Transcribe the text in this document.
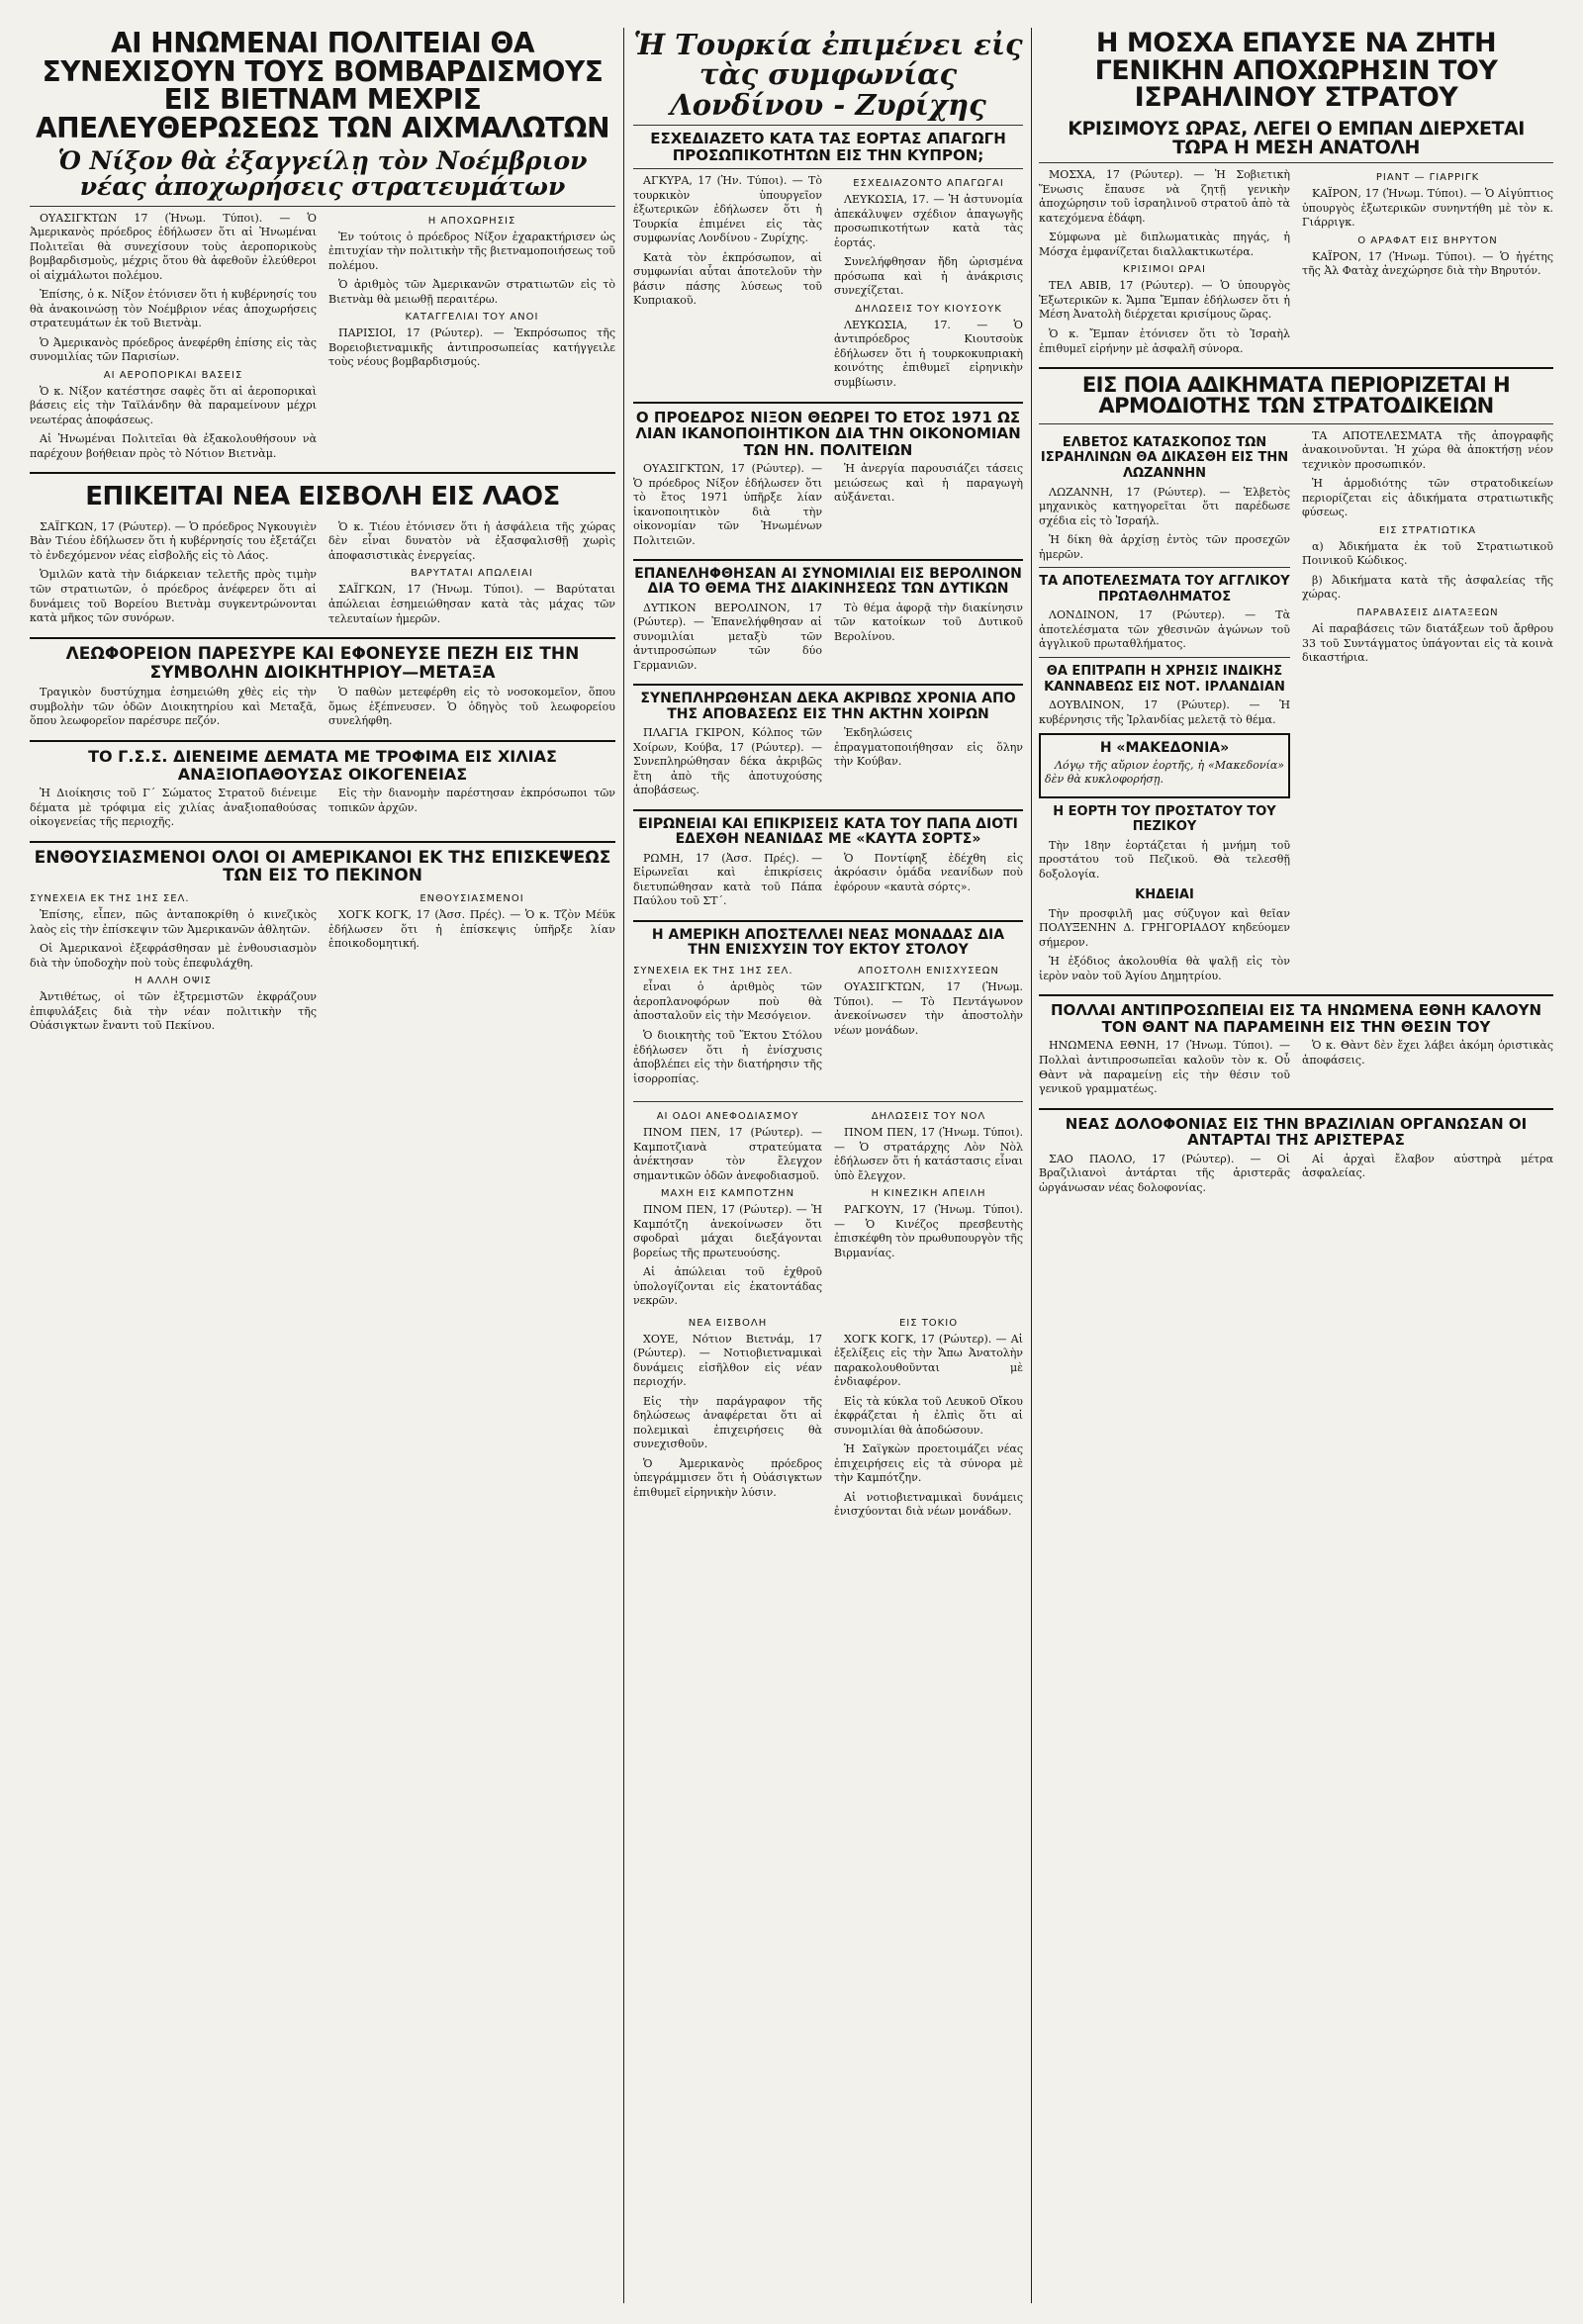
ΑΙ ΗΝΩΜΕΝΑΙ ΠΟΛΙΤΕΙΑΙ ΘΑ ΣΥΝΕΧΙΣΟΥΝ ΤΟΥΣ ΒΟΜΒΑΡΔΙΣΜΟΥΣ ΕΙΣ ΒΙΕΤΝΑΜ ΜΕΧΡΙΣ ΑΠΕΛΕΥΘΕΡΩΣΕΩΣ ΤΩΝ ΑΙΧΜΑΛΩΤΩΝ
Ὁ Νίξον θὰ ἐξαγγείλῃ τὸν Νοέμβριον νέας ἀποχωρήσεις στρατευμάτων

ΟΥΑΣΙΓΚΤΩΝ 17 (Ἠνωμ. Τύποι). — Ὁ Ἀμερικανὸς πρόεδρος ἐδήλωσεν ὅτι αἱ Ἠνωμέναι Πολιτεῖαι θὰ συνεχίσουν τοὺς ἀεροπορικοὺς βομβαρδισμοὺς, μέχρις ὅτου θὰ ἀφεθοῦν ἐλεύθεροι οἱ αἰχμάλωτοι πολέμου.

Ἐπίσης, ὁ κ. Νίξον ἐτόνισεν ὅτι ἡ κυβέρνησίς του θὰ ἀνακοινώσῃ τὸν Νοέμβριον νέας ἀποχωρήσεις στρατευμάτων ἐκ τοῦ Βιετνὰμ.

Ὁ Ἀμερικανὸς πρόεδρος ἀνεφέρθη ἐπίσης εἰς τὰς συνομιλίας τῶν Παρισίων.

ΑΙ ΑΕΡΟΠΟΡΙΚΑΙ ΒΑΣΕΙΣ

Ὁ κ. Νίξον κατέστησε σαφὲς ὅτι αἱ ἀεροπορικαὶ βάσεις εἰς τὴν Ταϊλάνδην θὰ παραμείνουν μέχρι νεωτέρας ἀποφάσεως.

Αἱ Ἠνωμέναι Πολιτεῖαι θὰ ἐξακολουθήσουν νὰ παρέχουν βοήθειαν πρὸς τὸ Νότιον Βιετνὰμ.

Η ΑΠΟΧΩΡΗΣΙΣ

Ἐν τούτοις ὁ πρόεδρος Νίξον ἐχαρακτήρισεν ὡς ἐπιτυχίαν τὴν πολιτικὴν τῆς βιετναμοποιήσεως τοῦ πολέμου.

Ὁ ἀριθμὸς τῶν Ἀμερικανῶν στρατιωτῶν εἰς τὸ Βιετνὰμ θὰ μειωθῇ περαιτέρω.

ΚΑΤΑΓΓΕΛΙΑΙ ΤΟΥ ΑΝΟΙ

ΠΑΡΙΣΙΟΙ, 17 (Ρώυτερ). — Ἐκπρόσωπος τῆς Βορειοβιετναμικῆς ἀντιπροσωπείας κατήγγειλε τοὺς νέους βομβαρδισμούς.

ΕΠΙΚΕΙΤΑΙ ΝΕΑ ΕΙΣΒΟΛΗ ΕΙΣ ΛΑΟΣ

ΣΑΪΓΚΩΝ, 17 (Ρώυτερ). — Ὁ πρόεδρος Νγκουγιὲν Βὰν Τιέου ἐδήλωσεν ὅτι ἡ κυβέρνησίς του ἐξετάζει τὸ ἐνδεχόμενον νέας εἰσβολῆς εἰς τὸ Λάος.

Ὁμιλῶν κατὰ τὴν διάρκειαν τελετῆς πρὸς τιμὴν τῶν στρατιωτῶν, ὁ πρόεδρος ἀνέφερεν ὅτι αἱ δυνάμεις τοῦ Βορείου Βιετνὰμ συγκεντρώνονται κατὰ μῆκος τῶν συνόρων.

Ὁ κ. Τιέου ἐτόνισεν ὅτι ἡ ἀσφάλεια τῆς χώρας δὲν εἶναι δυνατὸν νὰ ἐξασφαλισθῇ χωρὶς ἀποφασιστικὰς ἐνεργείας.

ΒΑΡΥΤΑΤΑΙ ΑΠΩΛΕΙΑΙ

ΣΑΪΓΚΩΝ, 17 (Ἠνωμ. Τύποι). — Βαρύταται ἀπώλειαι ἐσημειώθησαν κατὰ τὰς μάχας τῶν τελευταίων ἡμερῶν.

ΛΕΩΦΟΡΕΙΟΝ ΠΑΡΕΣΥΡΕ ΚΑΙ ΕΦΟΝΕΥΣΕ ΠΕΖΗ ΕΙΣ ΤΗΝ ΣΥΜΒΟΛΗΝ ΔΙΟΙΚΗΤΗΡΙΟΥ—ΜΕΤΑΞΑ

Τραγικὸν δυστύχημα ἐσημειώθη χθὲς εἰς τὴν συμβολὴν τῶν ὁδῶν Διοικητηρίου καὶ Μεταξᾶ, ὅπου λεωφορεῖον παρέσυρε πεζόν.

Ὁ παθὼν μετεφέρθη εἰς τὸ νοσοκομεῖον, ὅπου ὅμως ἐξέπνευσεν. Ὁ ὁδηγὸς τοῦ λεωφορείου συνελήφθη.

ΤΟ Γ.Σ.Σ. ΔΙΕΝΕΙΜΕ ΔΕΜΑΤΑ ΜΕ ΤΡΟΦΙΜΑ ΕΙΣ ΧΙΛΙΑΣ ΑΝΑΞΙΟΠΑΘΟΥΣΑΣ ΟΙΚΟΓΕΝΕΙΑΣ

Ἡ Διοίκησις τοῦ Γ΄ Σώματος Στρατοῦ διένειμε δέματα μὲ τρόφιμα εἰς χιλίας ἀναξιοπαθούσας οἰκογενείας τῆς περιοχῆς.

Εἰς τὴν διανομὴν παρέστησαν ἐκπρόσωποι τῶν τοπικῶν ἀρχῶν.

ΕΝΘΟΥΣΙΑΣΜΕΝΟΙ ΟΛΟΙ ΟΙ ΑΜΕΡΙΚΑΝΟΙ ΕΚ ΤΗΣ ΕΠΙΣΚΕΨΕΩΣ ΤΩΝ ΕΙΣ ΤΟ ΠΕΚΙΝΟΝ
ΣΥΝΕΧΕΙΑ ΕΚ ΤΗΣ 1ΗΣ ΣΕΛ.

Ἐπίσης, εἶπεν, πῶς ἀνταποκρίθη ὁ κινεζικὸς λαὸς εἰς τὴν ἐπίσκεψιν τῶν Ἀμερικανῶν ἀθλητῶν.

Οἱ Ἀμερικανοὶ ἐξεφράσθησαν μὲ ἐνθουσιασμὸν διὰ τὴν ὑποδοχὴν ποὺ τοὺς ἐπεφυλάχθη.

Η ΑΛΛΗ ΟΨΙΣ

Ἀντιθέτως, οἱ τῶν ἐξτρεμιστῶν ἐκφράζουν ἐπιφυλάξεις διὰ τὴν νέαν πολιτικὴν τῆς Οὐάσιγκτων ἔναντι τοῦ Πεκίνου.

ΕΝΘΟΥΣΙΑΣΜΕΝΟΙ

ΧΟΓΚ ΚΟΓΚ, 17 (Ἀσσ. Πρές). — Ὁ κ. Τζὸν Μέϋκ ἐδήλωσεν ὅτι ἡ ἐπίσκεψις ὑπῆρξε λίαν ἐποικοδομητική.

Ἡ Τουρκία ἐπιμένει εἰς τὰς συμφωνίας Λονδίνου - Ζυρίχης
ΕΣΧΕΔΙΑΖΕΤΟ ΚΑΤΑ ΤΑΣ ΕΟΡΤΑΣ ΑΠΑΓΩΓΗ ΠΡΟΣΩΠΙΚΟΤΗΤΩΝ ΕΙΣ ΤΗΝ ΚΥΠΡΟΝ;

ΑΓΚΥΡΑ, 17 (Ἠν. Τύποι). — Τὸ τουρκικὸν ὑπουργεῖον ἐξωτερικῶν ἐδήλωσεν ὅτι ἡ Τουρκία ἐπιμένει εἰς τὰς συμφωνίας Λονδίνου - Ζυρίχης.

Κατὰ τὸν ἐκπρόσωπον, αἱ συμφωνίαι αὗται ἀποτελοῦν τὴν βάσιν πάσης λύσεως τοῦ Κυπριακοῦ.

ΕΣΧΕΔΙΑΖΟΝΤΟ ΑΠΑΓΩΓΑΙ

ΛΕΥΚΩΣΙΑ, 17. — Ἡ ἀστυνομία ἀπεκάλυψεν σχέδιον ἀπαγωγῆς προσωπικοτήτων κατὰ τὰς ἑορτάς.

Συνελήφθησαν ἤδη ὡρισμένα πρόσωπα καὶ ἡ ἀνάκρισις συνεχίζεται.

ΔΗΛΩΣΕΙΣ ΤΟΥ ΚΙΟΥΣΟΥΚ

ΛΕΥΚΩΣΙΑ, 17. — Ὁ ἀντιπρόεδρος Κιουτσοὺκ ἐδήλωσεν ὅτι ἡ τουρκοκυπριακὴ κοινότης ἐπιθυμεῖ εἰρηνικὴν συμβίωσιν.

Ο ΠΡΟΕΔΡΟΣ ΝΙΞΟΝ ΘΕΩΡΕΙ ΤΟ ΕΤΟΣ 1971 ΩΣ ΛΙΑΝ ΙΚΑΝΟΠΟΙΗΤΙΚΟΝ ΔΙΑ ΤΗΝ ΟΙΚΟΝΟΜΙΑΝ ΤΩΝ ΗΝ. ΠΟΛΙΤΕΙΩΝ

ΟΥΑΣΙΓΚΤΩΝ, 17 (Ρώυτερ). — Ὁ πρόεδρος Νίξον ἐδήλωσεν ὅτι τὸ ἔτος 1971 ὑπῆρξε λίαν ἱκανοποιητικὸν διὰ τὴν οἰκονομίαν τῶν Ἠνωμένων Πολιτειῶν.

Ἡ ἀνεργία παρουσιάζει τάσεις μειώσεως καὶ ἡ παραγωγὴ αὐξάνεται.

ΕΠΑΝΕΛΗΦΘΗΣΑΝ ΑΙ ΣΥΝΟΜΙΛΙΑΙ ΕΙΣ ΒΕΡΟΛΙΝΟΝ ΔΙΑ ΤΟ ΘΕΜΑ ΤΗΣ ΔΙΑΚΙΝΗΣΕΩΣ ΤΩΝ ΔΥΤΙΚΩΝ

ΔΥΤΙΚΟΝ ΒΕΡΟΛΙΝΟΝ, 17 (Ρώυτερ). — Ἐπανελήφθησαν αἱ συνομιλίαι μεταξὺ τῶν ἀντιπροσώπων τῶν δύο Γερμανιῶν.

Τὸ θέμα ἀφορᾷ τὴν διακίνησιν τῶν κατοίκων τοῦ Δυτικοῦ Βερολίνου.

ΣΥΝΕΠΛΗΡΩΘΗΣΑΝ ΔΕΚΑ ΑΚΡΙΒΩΣ ΧΡΟΝΙΑ ΑΠΟ ΤΗΣ ΑΠΟΒΑΣΕΩΣ ΕΙΣ ΤΗΝ ΑΚΤΗΝ ΧΟΙΡΩΝ

ΠΛΑΓΙΑ ΓΚΙΡΟΝ, Κόλπος τῶν Χοίρων, Κούβα, 17 (Ρώυτερ). — Συνεπληρώθησαν δέκα ἀκριβῶς ἔτη ἀπὸ τῆς ἀποτυχούσης ἀποβάσεως.

Ἐκδηλώσεις ἐπραγματοποιήθησαν εἰς ὅλην τὴν Κούβαν.

ΕΙΡΩΝΕΙΑΙ ΚΑΙ ΕΠΙΚΡΙΣΕΙΣ ΚΑΤΑ ΤΟΥ ΠΑΠΑ ΔΙΟΤΙ ΕΔΕΧΘΗ ΝΕΑΝΙΔΑΣ ΜΕ «ΚΑΥΤΑ ΣΟΡΤΣ»

ΡΩΜΗ, 17 (Ἀσσ. Πρές). — Εἰρωνεῖαι καὶ ἐπικρίσεις διετυπώθησαν κατὰ τοῦ Πάπα Παύλου τοῦ ΣΤ΄.

Ὁ Ποντίφηξ ἐδέχθη εἰς ἀκρόασιν ὁμάδα νεανίδων ποὺ ἐφόρουν «καυτὰ σόρτς».

Η ΑΜΕΡΙΚΗ ΑΠΟΣΤΕΛΛΕΙ ΝΕΑΣ ΜΟΝΑΔΑΣ ΔΙΑ ΤΗΝ ΕΝΙΣΧΥΣΙΝ ΤΟΥ ΕΚΤΟΥ ΣΤΟΛΟΥ
ΣΥΝΕΧΕΙΑ ΕΚ ΤΗΣ 1ΗΣ ΣΕΛ.

εἶναι ὁ ἀριθμὸς τῶν ἀεροπλανοφόρων ποὺ θὰ ἀποσταλοῦν εἰς τὴν Μεσόγειον.

Ὁ διοικητὴς τοῦ Ἕκτου Στόλου ἐδήλωσεν ὅτι ἡ ἐνίσχυσις ἀποβλέπει εἰς τὴν διατήρησιν τῆς ἰσορροπίας.

ΑΠΟΣΤΟΛΗ ΕΝΙΣΧΥΣΕΩΝ

ΟΥΑΣΙΓΚΤΩΝ, 17 (Ἠνωμ. Τύποι). — Τὸ Πεντάγωνον ἀνεκοίνωσεν τὴν ἀποστολὴν νέων μονάδων.

ΑΙ ΟΔΟΙ ΑΝΕΦΟΔΙΑΣΜΟΥ

ΠΝΟΜ ΠΕΝ, 17 (Ρώυτερ). — Καμποτζιανὰ στρατεύματα ἀνέκτησαν τὸν ἔλεγχον σημαντικῶν ὁδῶν ἀνεφοδιασμοῦ.

ΜΑΧΗ ΕΙΣ ΚΑΜΠΟΤΖΗΝ

ΠΝΟΜ ΠΕΝ, 17 (Ρώυτερ). — Ἡ Καμπότζη ἀνεκοίνωσεν ὅτι σφοδραὶ μάχαι διεξάγονται βορείως τῆς πρωτευούσης.

Αἱ ἀπώλειαι τοῦ ἐχθροῦ ὑπολογίζονται εἰς ἑκατοντάδας νεκρῶν.

ΔΗΛΩΣΕΙΣ ΤΟΥ ΝΟΛ

ΠΝΟΜ ΠΕΝ, 17 (Ἠνωμ. Τύποι). — Ὁ στρατάρχης Λὸν Νὸλ ἐδήλωσεν ὅτι ἡ κατάστασις εἶναι ὑπὸ ἔλεγχον.

Η ΚΙΝΕΖΙΚΗ ΑΠΕΙΛΗ

ΡΑΓΚΟΥΝ, 17 (Ἠνωμ. Τύποι). — Ὁ Κινέζος πρεσβευτὴς ἐπισκέφθη τὸν πρωθυπουργὸν τῆς Βιρμανίας.

ΝΕΑ ΕΙΣΒΟΛΗ

ΧΟΥΕ, Νότιον Βιετνάμ, 17 (Ρώυτερ). — Νοτιοβιετναμικαὶ δυνάμεις εἰσῆλθον εἰς νέαν περιοχήν.

Εἰς τὴν παράγραφον τῆς δηλώσεως ἀναφέρεται ὅτι αἱ πολεμικαὶ ἐπιχειρήσεις θὰ συνεχισθοῦν.

Ὁ Ἀμερικανὸς πρόεδρος ὑπεγράμμισεν ὅτι ἡ Οὐάσιγκτων ἐπιθυμεῖ εἰρηνικὴν λύσιν.

ΕΙΣ ΤΟΚΙΟ

ΧΟΓΚ ΚΟΓΚ, 17 (Ρώυτερ). — Αἱ ἐξελίξεις εἰς τὴν Ἄπω Ἀνατολὴν παρακολουθοῦνται μὲ ἐνδιαφέρον.

Εἰς τὰ κύκλα τοῦ Λευκοῦ Οἴκου ἐκφράζεται ἡ ἐλπὶς ὅτι αἱ συνομιλίαι θὰ ἀποδώσουν.

Ἡ Σαϊγκὼν προετοιμάζει νέας ἐπιχειρήσεις εἰς τὰ σύνορα μὲ τὴν Καμπότζην.

Αἱ νοτιοβιετναμικαὶ δυνάμεις ἐνισχύονται διὰ νέων μονάδων.

Η ΜΟΣΧΑ ΕΠΑΥΣΕ ΝΑ ΖΗΤΗ ΓΕΝΙΚΗΝ ΑΠΟΧΩΡΗΣΙΝ ΤΟΥ ΙΣΡΑΗΛΙΝΟΥ ΣΤΡΑΤΟΥ
ΚΡΙΣΙΜΟΥΣ ΩΡΑΣ, ΛΕΓΕΙ Ο ΕΜΠΑΝ ΔΙΕΡΧΕΤΑΙ ΤΩΡΑ Η ΜΕΣΗ ΑΝΑΤΟΛΗ

ΜΟΣΧΑ, 17 (Ρώυτερ). — Ἡ Σοβιετικὴ Ἕνωσις ἔπαυσε νὰ ζητῇ γενικὴν ἀποχώρησιν τοῦ ἰσραηλινοῦ στρατοῦ ἀπὸ τὰ κατεχόμενα ἐδάφη.

Σύμφωνα μὲ διπλωματικὰς πηγάς, ἡ Μόσχα ἐμφανίζεται διαλλακτικωτέρα.

ΚΡΙΣΙΜΟΙ ΩΡΑΙ

ΤΕΛ ΑΒΙΒ, 17 (Ρώυτερ). — Ὁ ὑπουργὸς Ἐξωτερικῶν κ. Ἄμπα Ἔμπαν ἐδήλωσεν ὅτι ἡ Μέση Ἀνατολὴ διέρχεται κρισίμους ὥρας.

Ὁ κ. Ἔμπαν ἐτόνισεν ὅτι τὸ Ἰσραὴλ ἐπιθυμεῖ εἰρήνην μὲ ἀσφαλῆ σύνορα.

ΡΙΑΝΤ — ΓΙΑΡΡΙΓΚ

ΚΑΪΡΟΝ, 17 (Ἠνωμ. Τύποι). — Ὁ Αἰγύπτιος ὑπουργὸς ἐξωτερικῶν συνηντήθη μὲ τὸν κ. Γιάρριγκ.

Ο ΑΡΑΦΑΤ ΕΙΣ ΒΗΡΥΤΟΝ

ΚΑΪΡΟΝ, 17 (Ἠνωμ. Τύποι). — Ὁ ἡγέτης τῆς Ἀλ Φατὰχ ἀνεχώρησε διὰ τὴν Βηρυτόν.

ΕΙΣ ΠΟΙΑ ΑΔΙΚΗΜΑΤΑ ΠΕΡΙΟΡΙΖΕΤΑΙ Η ΑΡΜΟΔΙΟΤΗΣ ΤΩΝ ΣΤΡΑΤΟΔΙΚΕΙΩΝ
ΕΛΒΕΤΟΣ ΚΑΤΑΣΚΟΠΟΣ ΤΩΝ ΙΣΡΑΗΛΙΝΩΝ ΘΑ ΔΙΚΑΣΘΗ ΕΙΣ ΤΗΝ ΛΩΖΑΝΝΗΝ

ΛΩΖΑΝΝΗ, 17 (Ρώυτερ). — Ἐλβετὸς μηχανικὸς κατηγορεῖται ὅτι παρέδωσε σχέδια εἰς τὸ Ἰσραήλ.

Ἡ δίκη θὰ ἀρχίσῃ ἐντὸς τῶν προσεχῶν ἡμερῶν.

ΤΑ ΑΠΟΤΕΛΕΣΜΑΤΑ ΤΟΥ ΑΓΓΛΙΚΟΥ ΠΡΩΤΑΘΛΗΜΑΤΟΣ

ΛΟΝΔΙΝΟΝ, 17 (Ρώυτερ). — Τὰ ἀποτελέσματα τῶν χθεσινῶν ἀγώνων τοῦ ἀγγλικοῦ πρωταθλήματος.

ΘΑ ΕΠΙΤΡΑΠΗ Η ΧΡΗΣΙΣ ΙΝΔΙΚΗΣ ΚΑΝΝΑΒΕΩΣ ΕΙΣ ΝΟΤ. ΙΡΛΑΝΔΙΑΝ

ΔΟΥΒΛΙΝΟΝ, 17 (Ρώυτερ). — Ἡ κυβέρνησις τῆς Ἰρλανδίας μελετᾷ τὸ θέμα.

Η «ΜΑΚΕΔΟΝΙΑ»

Λόγῳ τῆς αὔριον ἑορτῆς, ἡ «Μακεδονία» δὲν θὰ κυκλοφορήσῃ.

Η ΕΟΡΤΗ ΤΟΥ ΠΡΟΣΤΑΤΟΥ ΤΟΥ ΠΕΖΙΚΟΥ

Τὴν 18ην ἑορτάζεται ἡ μνήμη τοῦ προστάτου τοῦ Πεζικοῦ. Θὰ τελεσθῇ δοξολογία.

ΚΗΔΕΙΑΙ

Τὴν προσφιλῆ μας σύζυγον καὶ θεῖαν ΠΟΛΥΞΕΝΗΝ Δ. ΓΡΗΓΟΡΙΑΔΟΥ κηδεύομεν σήμερον.

Ἡ ἐξόδιος ἀκολουθία θὰ ψαλῇ εἰς τὸν ἱερὸν ναὸν τοῦ Ἁγίου Δημητρίου.

ΤΑ ΑΠΟΤΕΛΕΣΜΑΤΑ τῆς ἀπογραφῆς ἀνακοινοῦνται. Ἡ χώρα θὰ ἀποκτήσῃ νέον τεχνικὸν προσωπικόν.

Ἡ ἀρμοδιότης τῶν στρατοδικείων περιορίζεται εἰς ἀδικήματα στρατιωτικῆς φύσεως.

ΕΙΣ ΣΤΡΑΤΙΩΤΙΚΑ

α) Ἀδικήματα ἐκ τοῦ Στρατιωτικοῦ Ποινικοῦ Κώδικος.

β) Ἀδικήματα κατὰ τῆς ἀσφαλείας τῆς χώρας.

ΠΑΡΑΒΑΣΕΙΣ ΔΙΑΤΑΞΕΩΝ

Αἱ παραβάσεις τῶν διατάξεων τοῦ ἄρθρου 33 τοῦ Συντάγματος ὑπάγονται εἰς τὰ κοινὰ δικαστήρια.

ΠΟΛΛΑΙ ΑΝΤΙΠΡΟΣΩΠΕΙΑΙ ΕΙΣ ΤΑ ΗΝΩΜΕΝΑ ΕΘΝΗ ΚΑΛΟΥΝ ΤΟΝ ΘΑΝΤ ΝΑ ΠΑΡΑΜΕΙΝΗ ΕΙΣ ΤΗΝ ΘΕΣΙΝ ΤΟΥ

ΗΝΩΜΕΝΑ ΕΘΝΗ, 17 (Ἠνωμ. Τύποι). — Πολλαὶ ἀντιπροσωπεῖαι καλοῦν τὸν κ. Οὖ Θὰντ νὰ παραμείνῃ εἰς τὴν θέσιν τοῦ γενικοῦ γραμματέως.

Ὁ κ. Θὰντ δὲν ἔχει λάβει ἀκόμη ὁριστικὰς ἀποφάσεις.

ΝΕΑΣ ΔΟΛΟΦΟΝΙΑΣ ΕΙΣ ΤΗΝ ΒΡΑΖΙΛΙΑΝ ΟΡΓΑΝΩΣΑΝ ΟΙ ΑΝΤΑΡΤΑΙ ΤΗΣ ΑΡΙΣΤΕΡΑΣ

ΣΑΟ ΠΑΟΛΟ, 17 (Ρώυτερ). — Οἱ Βραζιλιανοὶ ἀντάρται τῆς ἀριστερᾶς ὠργάνωσαν νέας δολοφονίας.

Αἱ ἀρχαὶ ἔλαβον αὐστηρὰ μέτρα ἀσφαλείας.
